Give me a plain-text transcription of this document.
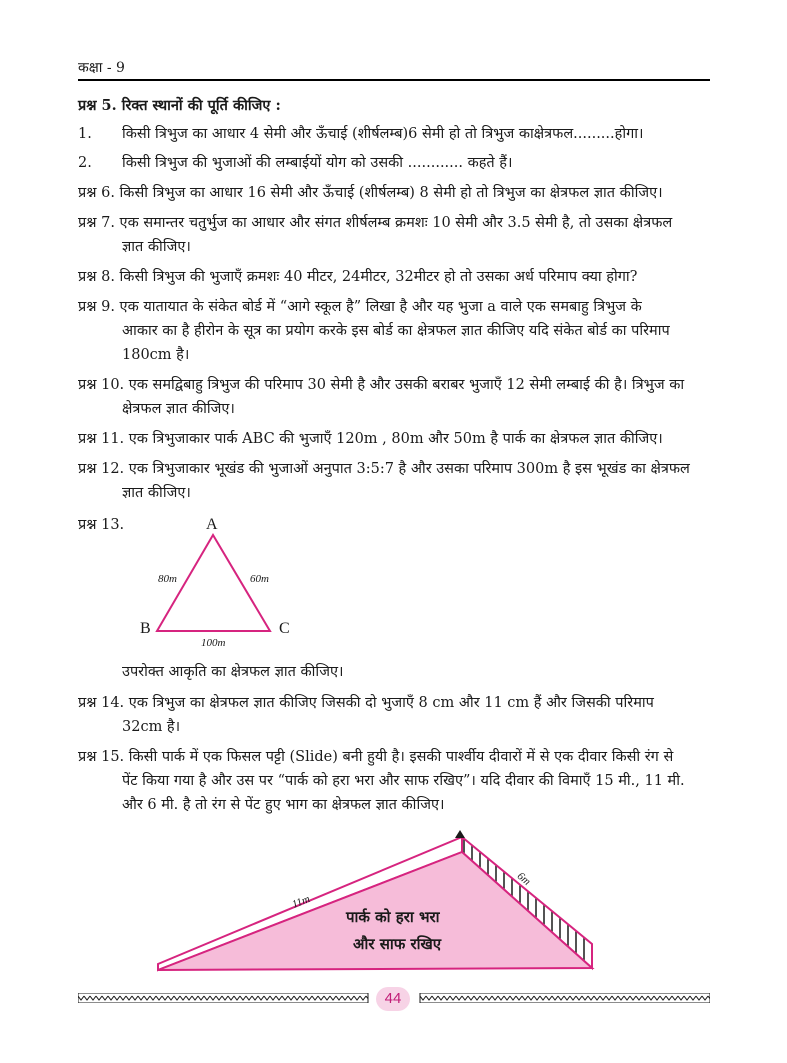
कक्षा - 9
प्रश्न 5. रिक्त स्थानों की पूर्ति कीजिए :
1. किसी त्रिभुज का आधार 4 सेमी और ऊँचाई (शीर्षलम्ब)6 सेमी हो तो त्रिभुज काक्षेत्रफल.........होगा।
2. किसी त्रिभुज की भुजाओं की लम्बाईयों योग को उसकी ............ कहते हैं।
प्रश्न 6. किसी त्रिभुज का आधार 16 सेमी और ऊँचाई (शीर्षलम्ब) 8 सेमी हो तो त्रिभुज का क्षेत्रफल ज्ञात कीजिए।
प्रश्न 7. एक समान्तर चतुर्भुज का आधार और संगत शीर्षलम्ब क्रमशः 10 सेमी और 3.5 सेमी है, तो उसका क्षेत्रफल
ज्ञात कीजिए।
प्रश्न 8. किसी त्रिभुज की भुजाएँ क्रमशः 40 मीटर, 24मीटर, 32मीटर हो तो उसका अर्ध परिमाप क्या होगा?
प्रश्न 9. एक यातायात के संकेत बोर्ड में “आगे स्कूल है” लिखा है और यह भुजा a वाले एक समबाहु त्रिभुज के
आकार का है हीरोन के सूत्र का प्रयोग करके इस बोर्ड का क्षेत्रफल ज्ञात कीजिए यदि संकेत बोर्ड का परिमाप
180cm है।
प्रश्न 10. एक समद्विबाहु त्रिभुज की परिमाप 30 सेमी है और उसकी बराबर भुजाएँ 12 सेमी लम्बाई की है। त्रिभुज का
क्षेत्रफल ज्ञात कीजिए।
प्रश्न 11. एक त्रिभुजाकार पार्क ABC की भुजाएँ 120m , 80m और 50m है पार्क का क्षेत्रफल ज्ञात कीजिए।
प्रश्न 12. एक त्रिभुजाकार भूखंड की भुजाओं अनुपात 3:5:7 है और उसका परिमाप 300m है इस भूखंड का क्षेत्रफल
ज्ञात कीजिए।
प्रश्न 13.	A
B	C
80m	60m
100m
उपरोक्त आकृति का क्षेत्रफल ज्ञात कीजिए।
प्रश्न 14. एक त्रिभुज का क्षेत्रफल ज्ञात कीजिए जिसकी दो भुजाएँ 8 cm और 11 cm हैं और जिसकी परिमाप
32cm है।
प्रश्न 15. किसी पार्क में एक फिसल पट्टी (Slide) बनी हुयी है। इसकी पार्श्वीय दीवारों में से एक दीवार किसी रंग से
पेंट किया गया है और उस पर “पार्क को हरा भरा और साफ रखिए”। यदि दीवार की विमाएँ 15 मी., 11 मी.
और 6 मी. है तो रंग से पेंट हुए भाग का क्षेत्रफल ज्ञात कीजिए।
11m
6m
पार्क को हरा भरा
और साफ रखिए
44
